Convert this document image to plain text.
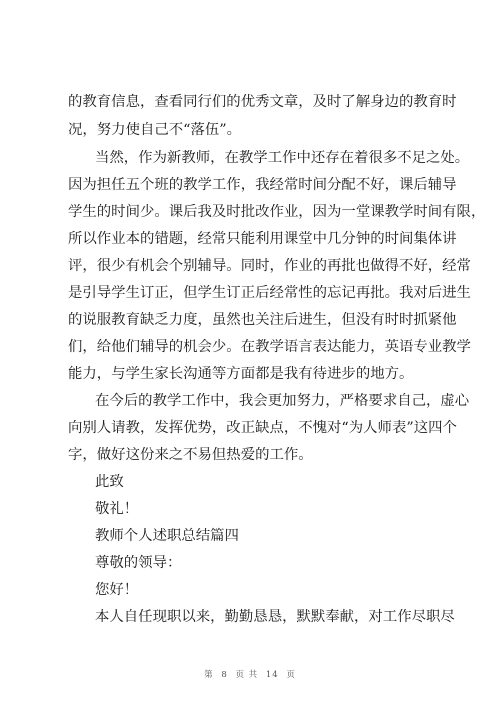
的教育信息，查看同行们的优秀文章，及时了解身边的教育时
况，努力使自己不“落伍”。
当然，作为新教师，在教学工作中还存在着很多不足之处。
因为担任五个班的教学工作，我经常时间分配不好，课后辅导
学生的时间少。课后我及时批改作业，因为一堂课教学时间有限，
所以作业本的错题，经常只能利用课堂中几分钟的时间集体讲
评，很少有机会个别辅导。同时，作业的再批也做得不好，经常
是引导学生订正，但学生订正后经常性的忘记再批。我对后进生
的说服教育缺乏力度，虽然也关注后进生，但没有时时抓紧他
们，给他们辅导的机会少。在教学语言表达能力，英语专业教学
能力，与学生家长沟通等方面都是我有待进步的地方。
在今后的教学工作中，我会更加努力，严格要求自己，虚心
向别人请教，发挥优势，改正缺点，不愧对“为人师表”这四个
字，做好这份来之不易但热爱的工作。
此致
敬礼！
教师个人述职总结篇四
尊敬的领导：
您好！
本人自任现职以来，勤勤恳恳，默默奉献，对工作尽职尽
第 8 页 共 14 页
